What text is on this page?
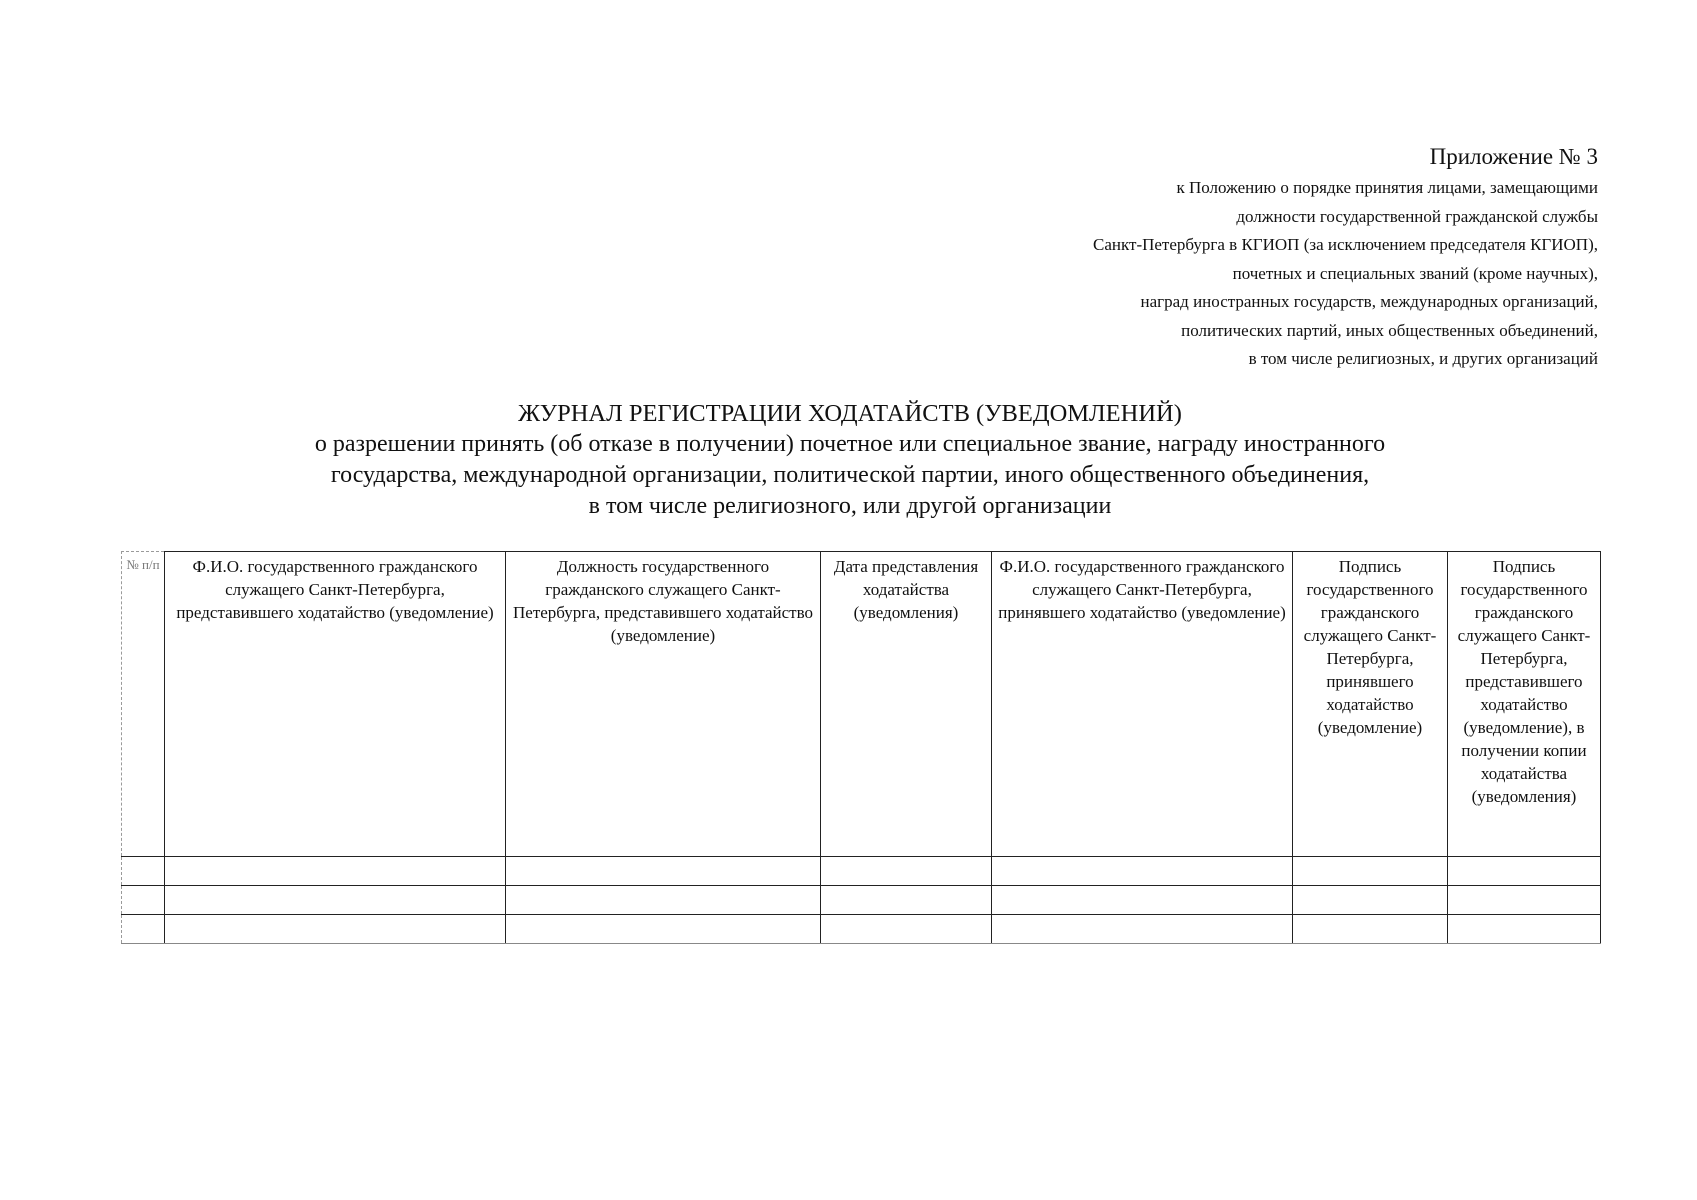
Приложение № 3
к Положению о порядке принятия лицами, замещающими
должности государственной гражданской службы
Санкт-Петербурга в КГИОП (за исключением председателя КГИОП),
почетных и специальных званий (кроме научных),
наград иностранных государств, международных организаций,
политических партий, иных общественных объединений,
в том числе религиозных, и других организаций
ЖУРНАЛ РЕГИСТРАЦИИ ХОДАТАЙСТВ (УВЕДОМЛЕНИЙ)
о разрешении принять (об отказе в получении) почетное или специальное звание, награду иностранного
государства, международной организации, политической партии, иного общественного объединения,
в том числе религиозного, или другой организации
№ п/п	Ф.И.О. государственного гражданского служащего Санкт-Петербурга, представившего ходатайство (уведомление)	Должность государственного гражданского служащего Санкт-Петербурга, представившего ходатайство (уведомление)	Дата представления ходатайства (уведомления)	Ф.И.О. государственного гражданского служащего Санкт-Петербурга, принявшего ходатайство (уведомление)	Подпись государственного гражданского служащего Санкт-Петербурга, принявшего ходатайство (уведомление)	Подпись государственного гражданского служащего Санкт-Петербурга, представившего ходатайство (уведомление), в получении копии ходатайства (уведомления)
